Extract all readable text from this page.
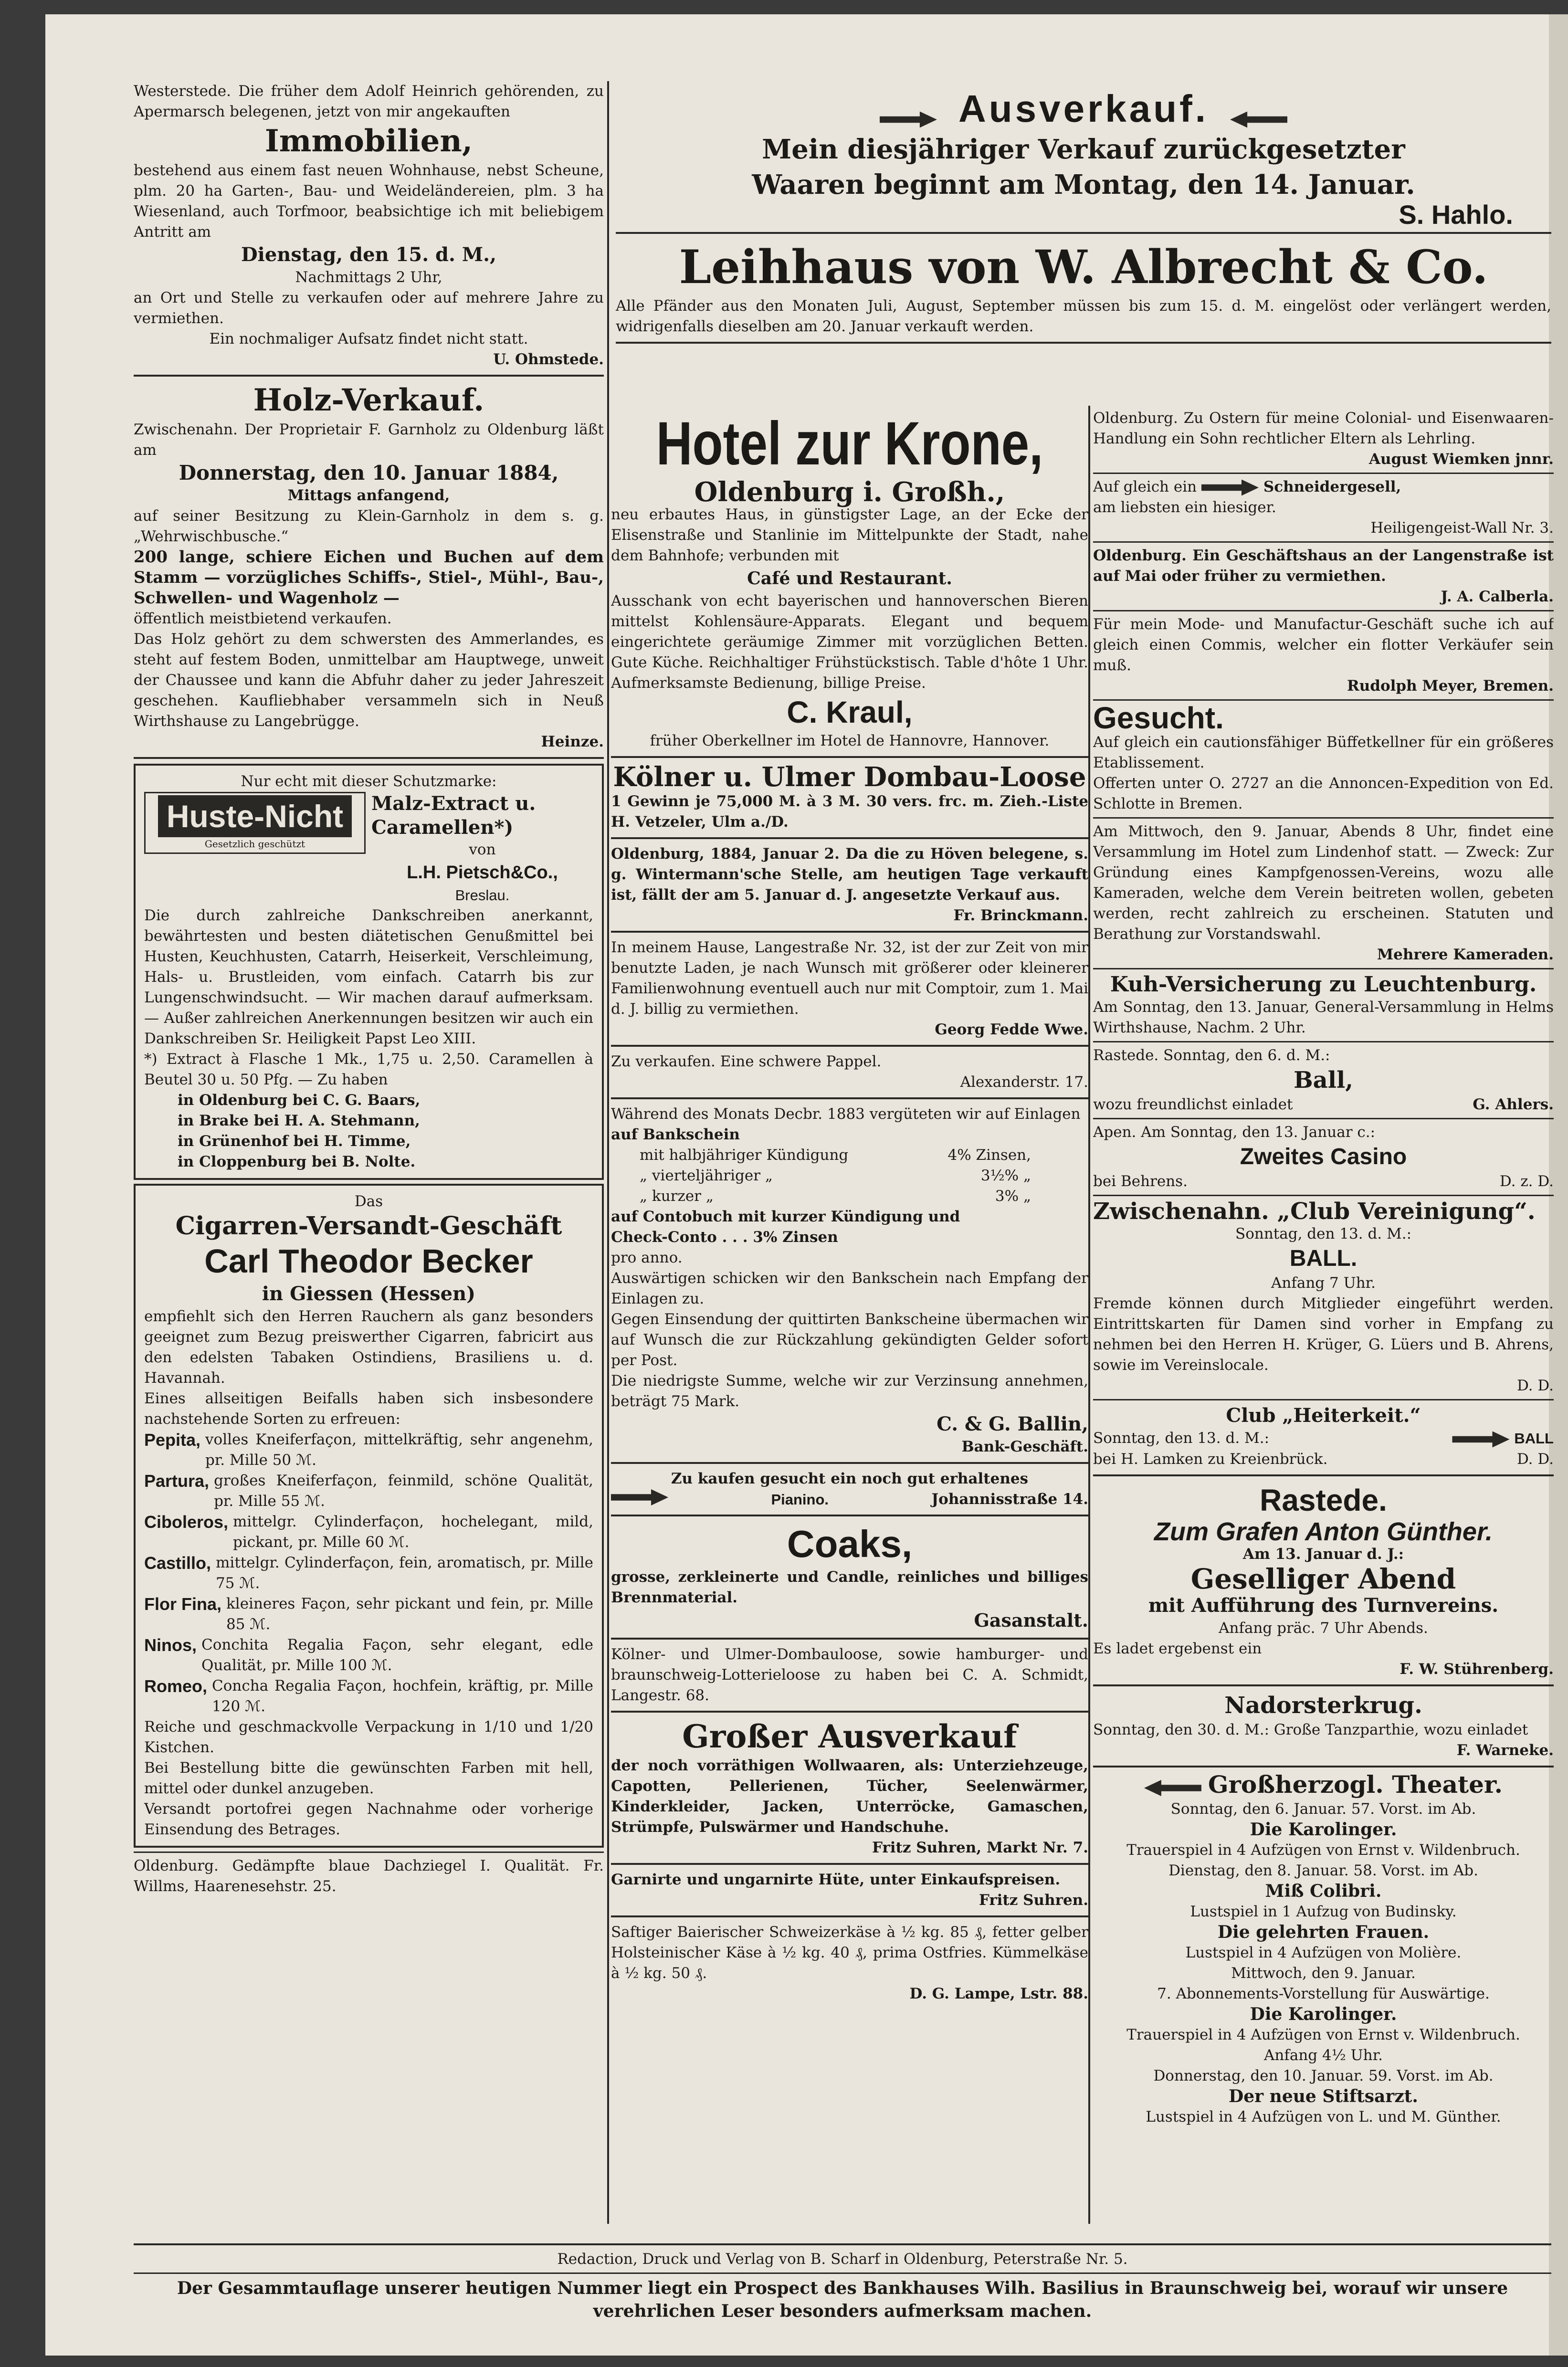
Ausverkauf.

Mein diesjähriger Verkauf zurückgesetzter

Waaren beginnt am Montag, den 14. Januar.

S. Hahlo.

Leihhaus von W. Albrecht & Co.

Alle Pfänder aus den Monaten Juli, August, September müssen bis zum 15. d. M. eingelöst oder verlängert werden, widrigenfalls dieselben am 20. Januar verkauft werden.

Westerstede. Die früher dem Adolf Heinrich gehörenden, zu Apermarsch belegenen, jetzt von mir angekauften

Immobilien,

bestehend aus einem fast neuen Wohnhause, nebst Scheune, plm. 20 ha Garten-, Bau- und Weideländereien, plm. 3 ha Wiesenland, auch Torfmoor, beabsichtige ich mit beliebigem Antritt am

Dienstag, den 15. d. M.,

Nachmittags 2 Uhr,

an Ort und Stelle zu verkaufen oder auf mehrere Jahre zu vermiethen.

Ein nochmaliger Aufsatz findet nicht statt.

U. Ohmstede.

Holz-Verkauf.

Zwischenahn. Der Proprietair F. Garnholz zu Oldenburg läßt am

Donnerstag, den 10. Januar 1884,

Mittags anfangend,

auf seiner Besitzung zu Klein-Garnholz in dem s. g. „Wehrwischbusche.“

200 lange, schiere Eichen und Buchen auf dem Stamm — vorzügliches Schiffs-, Stiel-, Mühl-, Bau-, Schwellen- und Wagenholz —

öffentlich meistbietend verkaufen.

Das Holz gehört zu dem schwersten des Ammerlandes, es steht auf festem Boden, unmittelbar am Hauptwege, unweit der Chaussee und kann die Abfuhr daher zu jeder Jahreszeit geschehen. Kaufliebhaber versammeln sich in Neuß Wirthshause zu Langebrügge.

Heinze.

Nur echt mit dieser Schutzmarke:

Huste-Nicht
Gesetzlich geschützt

Malz-Extract u. Caramellen*)

von

L.H. Pietsch&Co.,

Breslau.

Die durch zahlreiche Dankschreiben anerkannt, bewährtesten und besten diätetischen Genußmittel bei Husten, Keuchhusten, Catarrh, Heiserkeit, Verschleimung, Hals- u. Brustleiden, vom einfach. Catarrh bis zur Lungenschwindsucht. — Wir machen darauf aufmerksam. — Außer zahlreichen Anerkennungen besitzen wir auch ein Dankschreiben Sr. Heiligkeit Papst Leo XIII.

*) Extract à Flasche 1 Mk., 1,75 u. 2,50. Caramellen à Beutel 30 u. 50 Pfg. — Zu haben

in Oldenburg bei C. G. Baars,

in Brake bei H. A. Stehmann,

in Grünenhof bei H. Timme,

in Cloppenburg bei B. Nolte.

Das

Cigarren-Versandt-Geschäft

Carl Theodor Becker

in Giessen (Hessen)

empfiehlt sich den Herren Rauchern als ganz besonders geeignet zum Bezug preiswerther Cigarren, fabricirt aus den edelsten Tabaken Ostindiens, Brasiliens u. d. Havannah.

Eines allseitigen Beifalls haben sich insbesondere nachstehende Sorten zu erfreuen:

Pepita, volles Kneiferfaçon, mittelkräftig, sehr angenehm, pr. Mille 50 ℳ.
Partura, großes Kneiferfaçon, feinmild, schöne Qualität, pr. Mille 55 ℳ.
Ciboleros, mittelgr. Cylinderfaçon, hochelegant, mild, pickant, pr. Mille 60 ℳ.
Castillo, mittelgr. Cylinderfaçon, fein, aromatisch, pr. Mille 75 ℳ.
Flor Fina, kleineres Façon, sehr pickant und fein, pr. Mille 85 ℳ.
Ninos, Conchita Regalia Façon, sehr elegant, edle Qualität, pr. Mille 100 ℳ.
Romeo, Concha Regalia Façon, hochfein, kräftig, pr. Mille 120 ℳ.

Reiche und geschmackvolle Verpackung in 1/10 und 1/20 Kistchen.

Bei Bestellung bitte die gewünschten Farben mit hell, mittel oder dunkel anzugeben.

Versandt portofrei gegen Nachnahme oder vorherige Einsendung des Betrages.

Oldenburg. Gedämpfte blaue Dachziegel I. Qualität. Fr. Willms, Haarenesehstr. 25.

Hotel zur Krone,

Oldenburg i. Großh.,

neu erbautes Haus, in günstigster Lage, an der Ecke der Elisenstraße und Stanlinie im Mittelpunkte der Stadt, nahe dem Bahnhofe; verbunden mit

Café und Restaurant.

Ausschank von echt bayerischen und hannoverschen Bieren mittelst Kohlensäure-Apparats. Elegant und bequem eingerichtete geräumige Zimmer mit vorzüglichen Betten. Gute Küche. Reichhaltiger Frühstückstisch. Table d'hôte 1 Uhr. Aufmerksamste Bedienung, billige Preise.

C. Kraul,

früher Oberkellner im Hotel de Hannovre, Hannover.

Kölner u. Ulmer Dombau-Loose

1 Gewinn je 75,000 M. à 3 M. 30 vers. frc. m. Zieh.-Liste H. Vetzeler, Ulm a./D.

Oldenburg, 1884, Januar 2. Da die zu Höven belegene, s. g. Wintermann'sche Stelle, am heutigen Tage verkauft ist, fällt der am 5. Januar d. J. angesetzte Verkauf aus.

Fr. Brinckmann.

In meinem Hause, Langestraße Nr. 32, ist der zur Zeit von mir benutzte Laden, je nach Wunsch mit größerer oder kleinerer Familienwohnung eventuell auch nur mit Comptoir, zum 1. Mai d. J. billig zu vermiethen.

Georg Fedde Wwe.

Zu verkaufen. Eine schwere Pappel.

Alexanderstr. 17.

Während des Monats Decbr. 1883 vergüteten wir auf Einlagen

auf Bankschein

mit halbjähriger Kündigung	4% Zinsen,
„ vierteljähriger „	3½% „
„ kurzer „	3% „

auf Contobuch mit kurzer Kündigung und

Check-Conto . . . 3% Zinsen

pro anno.

Auswärtigen schicken wir den Bankschein nach Empfang der Einlagen zu.

Gegen Einsendung der quittirten Bankscheine übermachen wir auf Wunsch die zur Rückzahlung gekündigten Gelder sofort per Post.

Die niedrigste Summe, welche wir zur Verzinsung annehmen, beträgt 75 Mark.

C. & G. Ballin,

Bank-Geschäft.

Zu kaufen gesucht ein noch gut erhaltenes

Pianino.	Johannisstraße 14.

Coaks,

grosse, zerkleinerte und Candle, reinliches und billiges Brennmaterial.

Gasanstalt.

Kölner- und Ulmer-Dombauloose, sowie hamburger- und braunschweig-Lotterieloose zu haben bei C. A. Schmidt, Langestr. 68.

Großer Ausverkauf

der noch vorräthigen Wollwaaren, als: Unterziehzeuge, Capotten, Pellerienen, Tücher, Seelenwärmer, Kinderkleider, Jacken, Unterröcke, Gamaschen, Strümpfe, Pulswärmer und Handschuhe.

Fritz Suhren, Markt Nr. 7.

Garnirte und ungarnirte Hüte, unter Einkaufspreisen.

Fritz Suhren.

Saftiger Baierischer Schweizerkäse à ½ kg. 85 ₰, fetter gelber Holsteinischer Käse à ½ kg. 40 ₰, prima Ostfries. Kümmelkäse à ½ kg. 50 ₰.

D. G. Lampe, Lstr. 88.

Oldenburg. Zu Ostern für meine Colonial- und Eisenwaaren-Handlung ein Sohn rechtlicher Eltern als Lehrling.

August Wiemken jnnr.

Auf gleich ein	Schneidergesell,

am liebsten ein hiesiger.

Heiligengeist-Wall Nr. 3.

Oldenburg. Ein Geschäftshaus an der Langenstraße ist auf Mai oder früher zu vermiethen.

J. A. Calberla.

Für mein Mode- und Manufactur-Geschäft suche ich auf gleich einen Commis, welcher ein flotter Verkäufer sein muß.

Rudolph Meyer, Bremen.

Gesucht.

Auf gleich ein cautionsfähiger Büffetkellner für ein größeres Etablissement.

Offerten unter O. 2727 an die Annoncen-Expedition von Ed. Schlotte in Bremen.

Am Mittwoch, den 9. Januar, Abends 8 Uhr, findet eine Versammlung im Hotel zum Lindenhof statt. — Zweck: Zur Gründung eines Kampfgenossen-Vereins, wozu alle Kameraden, welche dem Verein beitreten wollen, gebeten werden, recht zahlreich zu erscheinen. Statuten und Berathung zur Vorstandswahl.

Mehrere Kameraden.

Kuh-Versicherung zu Leuchtenburg.

Am Sonntag, den 13. Januar, General-Versammlung in Helms Wirthshause, Nachm. 2 Uhr.

Rastede. Sonntag, den 6. d. M.:

Ball,

wozu freundlichst einladet	G. Ahlers.

Apen. Am Sonntag, den 13. Januar c.:

Zweites Casino

bei Behrens.	D. z. D.

Zwischenahn. „Club Vereinigung“.

Sonntag, den 13. d. M.:

BALL.

Anfang 7 Uhr.

Fremde können durch Mitglieder eingeführt werden. Eintrittskarten für Damen sind vorher in Empfang zu nehmen bei den Herren H. Krüger, G. Lüers und B. Ahrens, sowie im Vereinslocale.

D. D.

Club „Heiterkeit.“

Sonntag, den 13. d. M.:	BALL
bei H. Lamken zu Kreienbrück.	D. D.

Rastede.

Zum Grafen Anton Günther.

Am 13. Januar d. J.:

Geselliger Abend

mit Aufführung des Turnvereins.

Anfang präc. 7 Uhr Abends.

Es ladet ergebenst ein

F. W. Stührenberg.

Nadorsterkrug.

Sonntag, den 30. d. M.: Große Tanzparthie, wozu einladet

F. Warneke.

Großherzogl. Theater.

Sonntag, den 6. Januar. 57. Vorst. im Ab.

Die Karolinger.

Trauerspiel in 4 Aufzügen von Ernst v. Wildenbruch.

Dienstag, den 8. Januar. 58. Vorst. im Ab.

Miß Colibri.

Lustspiel in 1 Aufzug von Budinsky.

Die gelehrten Frauen.

Lustspiel in 4 Aufzügen von Molière.

Mittwoch, den 9. Januar.

7. Abonnements-Vorstellung für Auswärtige.

Die Karolinger.

Trauerspiel in 4 Aufzügen von Ernst v. Wildenbruch.

Anfang 4½ Uhr.

Donnerstag, den 10. Januar. 59. Vorst. im Ab.

Der neue Stiftsarzt.

Lustspiel in 4 Aufzügen von L. und M. Günther.

Redaction, Druck und Verlag von B. Scharf in Oldenburg, Peterstraße Nr. 5.

Der Gesammtauflage unserer heutigen Nummer liegt ein Prospect des Bankhauses Wilh. Basilius in Braunschweig bei, worauf wir unsere verehrlichen Leser besonders aufmerksam machen.
